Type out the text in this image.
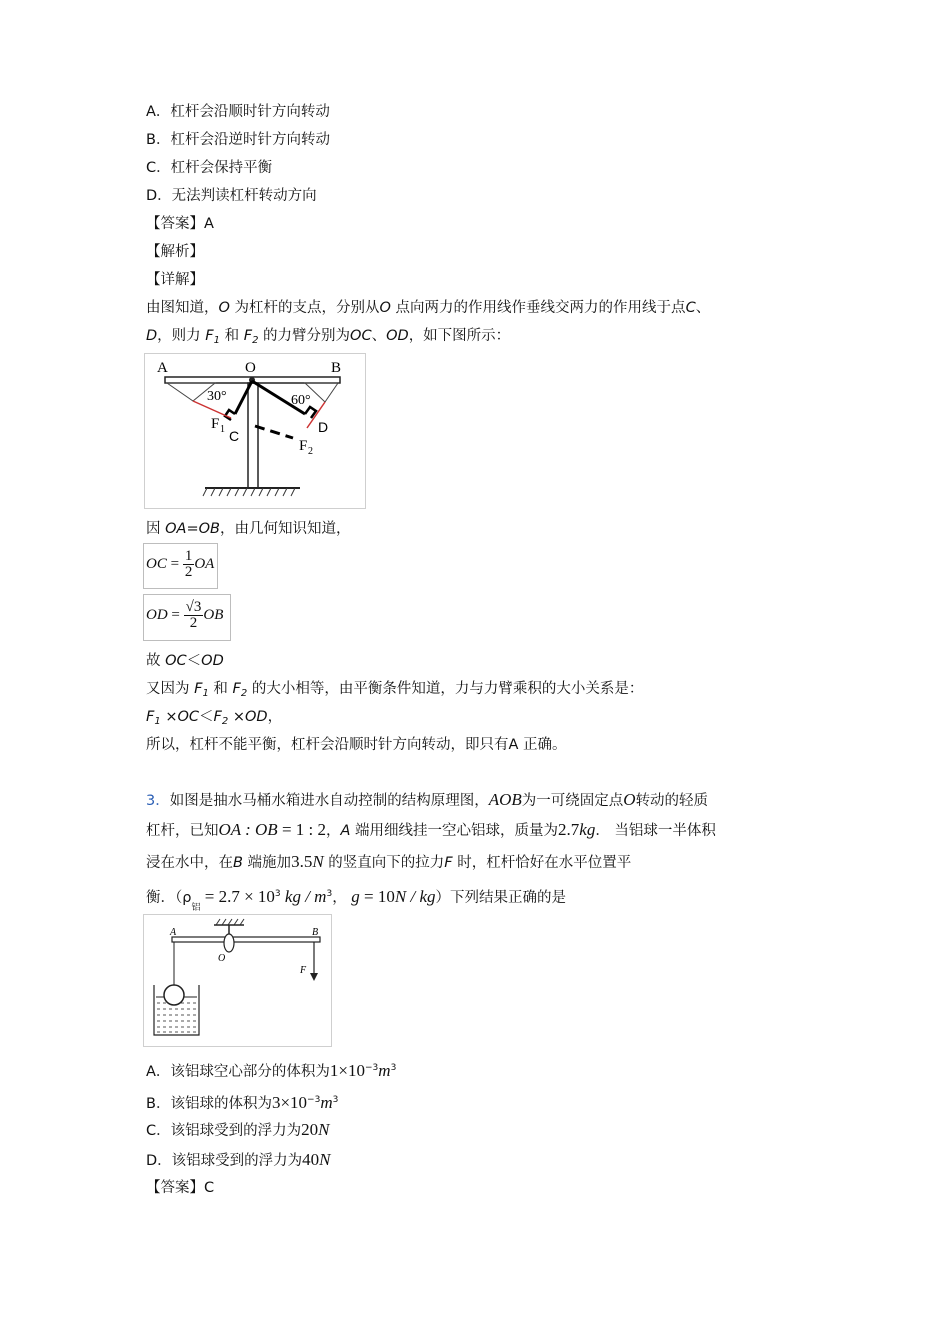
A．杠杆会沿顺时针方向转动
B．杠杆会沿逆时针方向转动
C．杠杆会保持平衡
D．无法判读杠杆转动方向
【答案】A
【解析】
【详解】
由图知道，O 为杠杆的支点，分别从O 点向两力的作用线作垂线交两力的作用线于点C、
D，则力 $F_1$ 和 $F_2$ 的力臂分别为OC、OD，如下图所示：
A	O	B
30°	60°
F 1 C
D
F 2
因 OA=OB，由几何知识知道，
OC = $\frac{1}{2}$ OA
OD = $\frac{√3}{2}$ OB
故 OC＜OD
又因为 $F_1$ 和 $F_2$ 的大小相等，由平衡条件知道，力与力臂乘积的大小关系是：
$F_1 \times OC<F_2 \times OD$，
所以，杠杆不能平衡，杠杆会沿顺时针方向转动，即只有A 正确。
3．如图是抽水马桶水箱进水自动控制的结构原理图，AOB为一可绕固定点O转动的轻质
杠杆，已知OA : OB = 1 : 2，A 端用细线挂一空心铝球，质量为2.7kg． 当铝球一半体积
浸在水中，在B 端施加3.5N 的竖直向下的拉力F 时，杠杆恰好在水平位置平
衡．（$\rho_铝 = 2.7 \times 10^3$ kg / $m^3$， g = 10N / kg）下列结果正确的是
A
O
B
F
A．该铝球空心部分的体积为$1\times 10^{-3}m^3$
B．该铝球的体积为$3\times 10^{-3}m^3$
C．该铝球受到的浮力为20N
D．该铝球受到的浮力为40N
【答案】C
